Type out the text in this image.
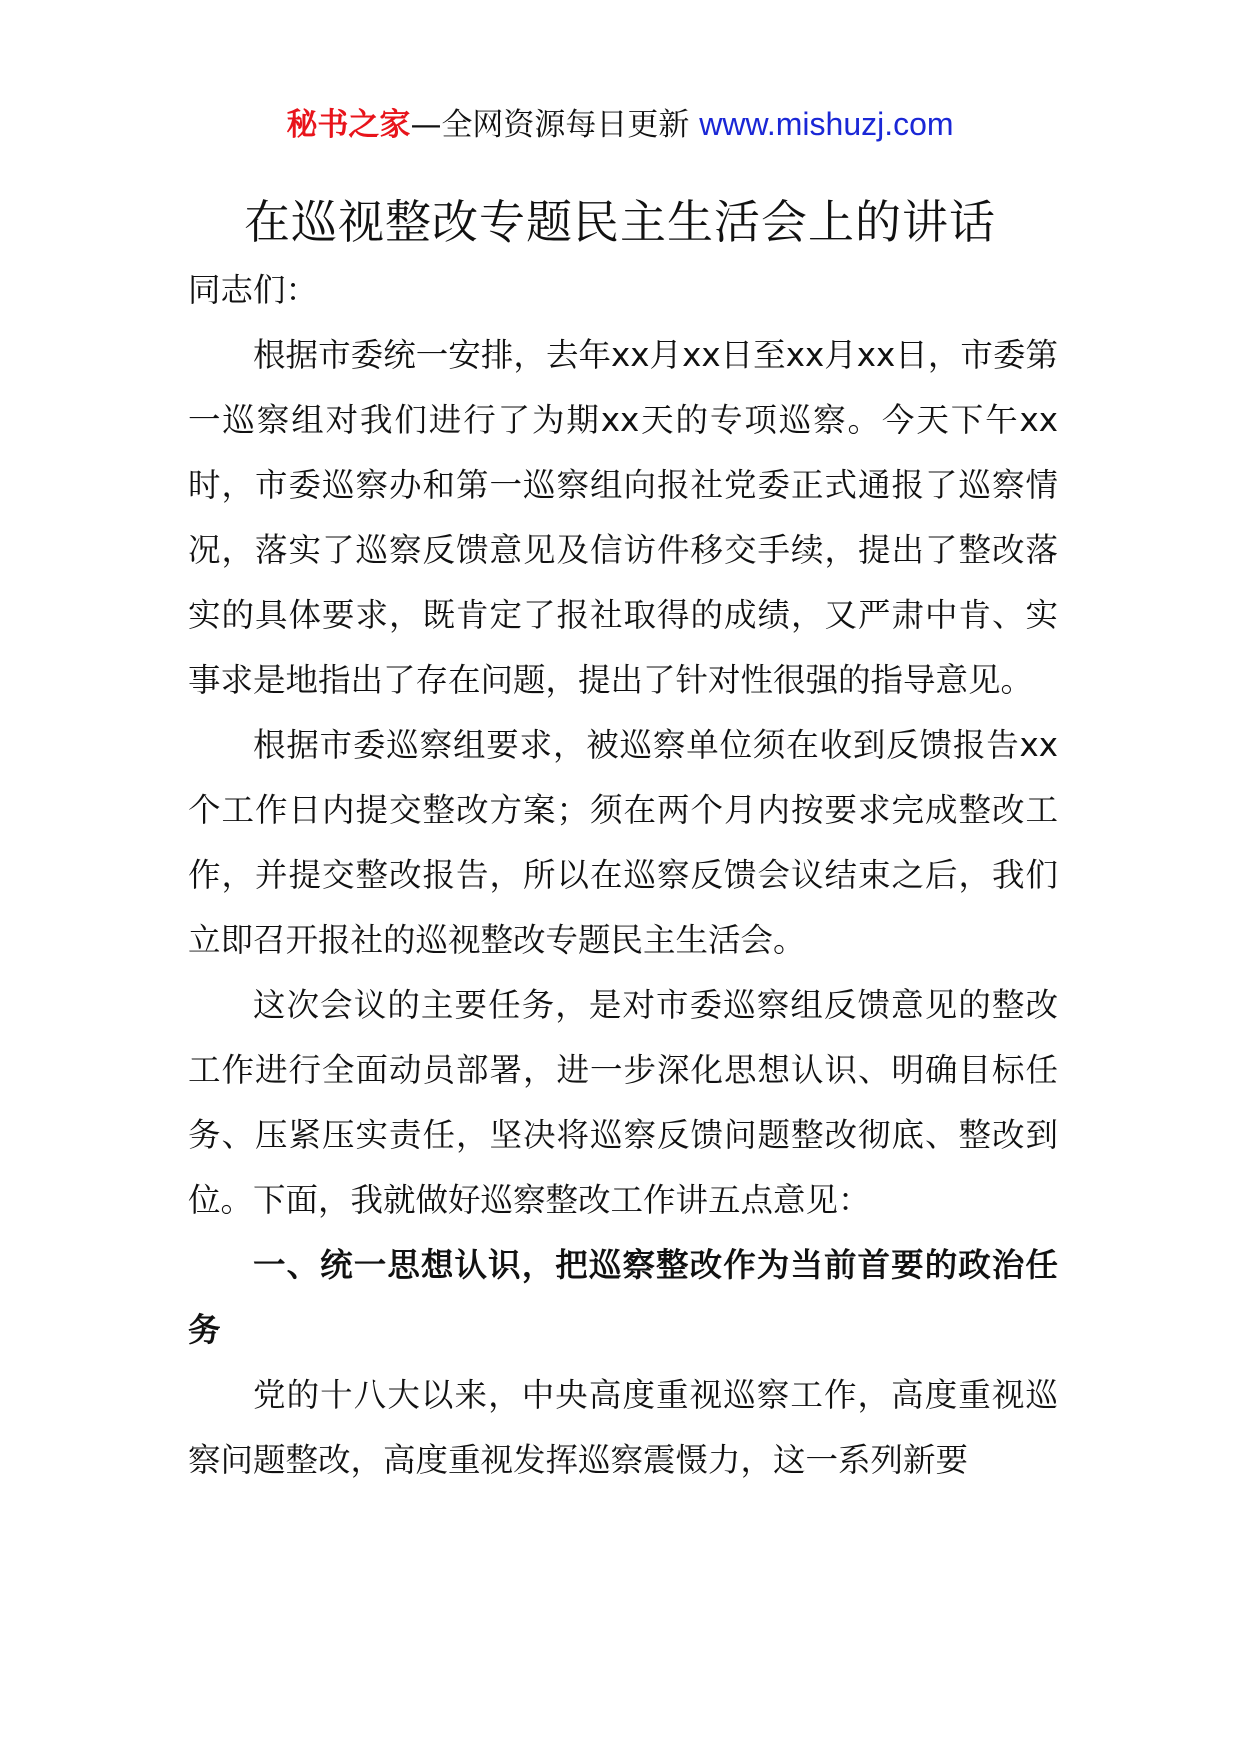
秘书之家—全网资源每日更新 www.mishuzj.com
在巡视整改专题民主生活会上的讲话

同志们：

根据市委统一安排，去年xx月xx日至xx月xx日，市委第一巡察组对我们进行了为期xx天的专项巡察。今天下午xx时，市委巡察办和第一巡察组向报社党委正式通报了巡察情况，落实了巡察反馈意见及信访件移交手续，提出了整改落实的具体要求，既肯定了报社取得的成绩，又严肃中肯、实事求是地指出了存在问题，提出了针对性很强的指导意见。

根据市委巡察组要求，被巡察单位须在收到反馈报告xx个工作日内提交整改方案；须在两个月内按要求完成整改工作，并提交整改报告，所以在巡察反馈会议结束之后，我们立即召开报社的巡视整改专题民主生活会。

这次会议的主要任务，是对市委巡察组反馈意见的整改工作进行全面动员部署，进一步深化思想认识、明确目标任务、压紧压实责任，坚决将巡察反馈问题整改彻底、整改到位。下面，我就做好巡察整改工作讲五点意见：

一、统一思想认识，把巡察整改作为当前首要的政治任务

党的十八大以来，中央高度重视巡察工作，高度重视巡察问题整改，高度重视发挥巡察震慑力，这一系列新要
